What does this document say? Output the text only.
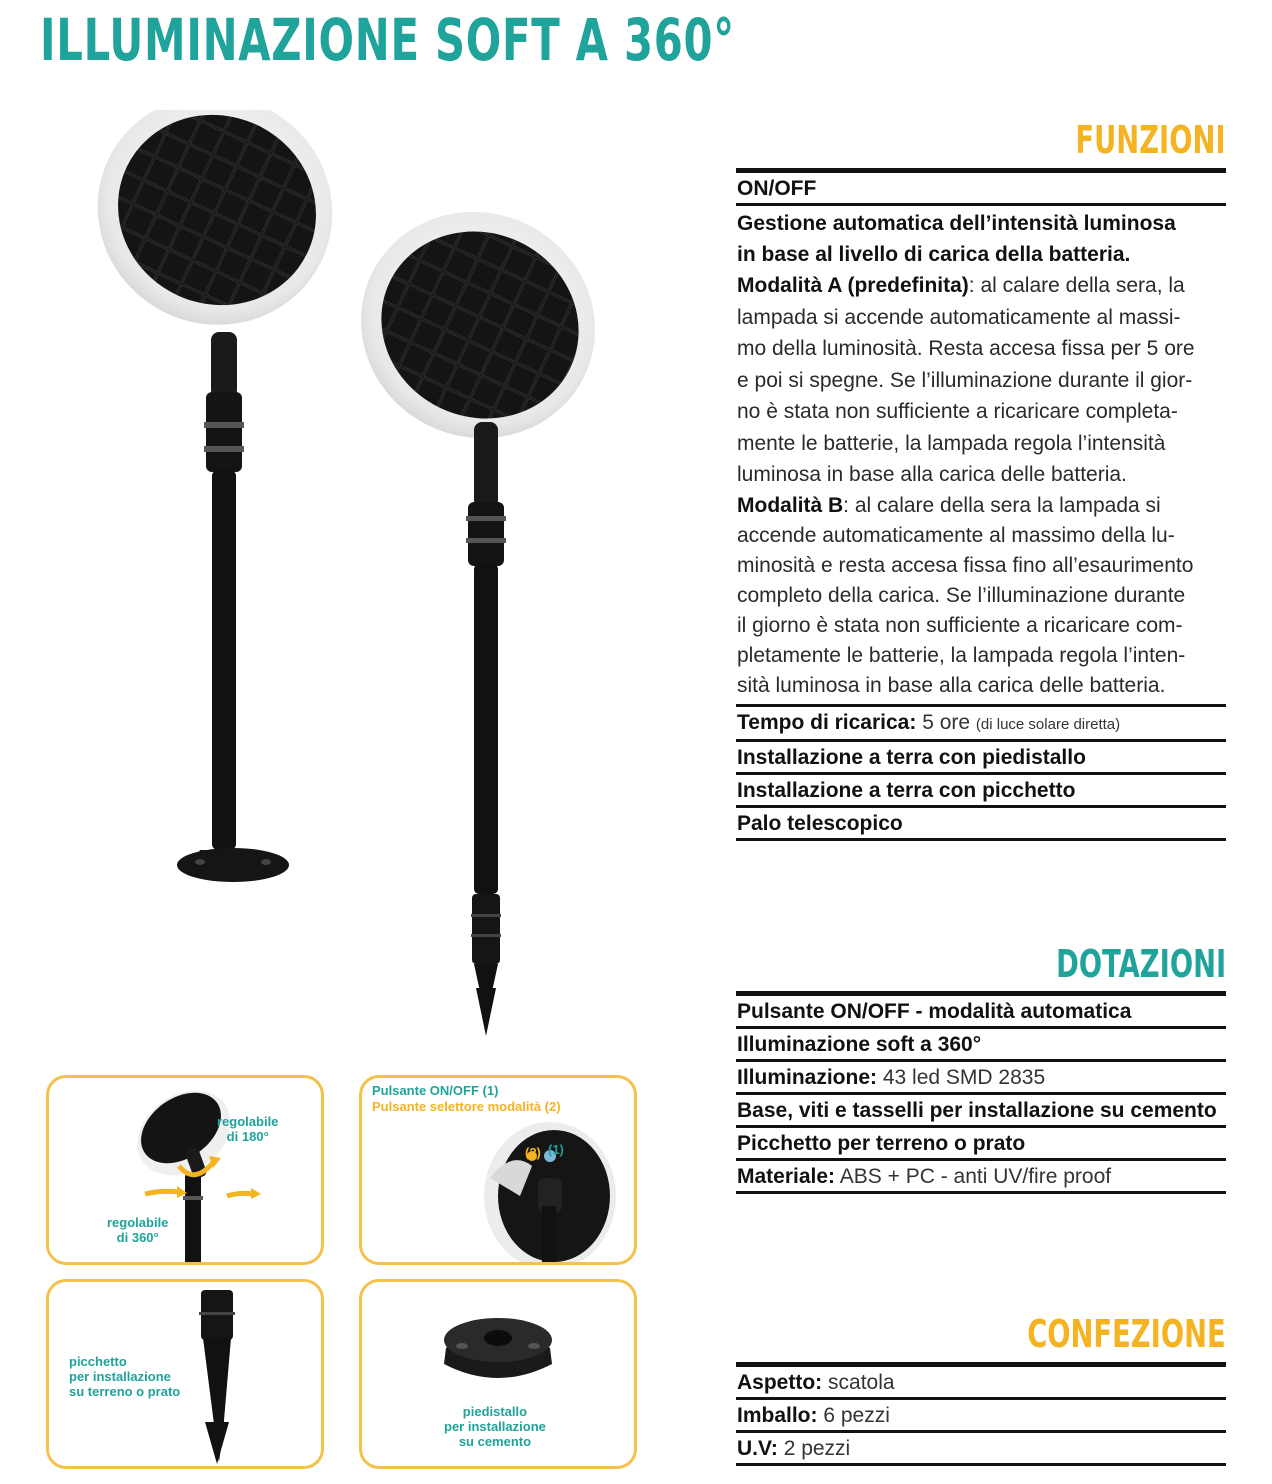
ILLUMINAZIONE SOFT A 360°
FUNZIONI
ON/OFF
Gestione automatica dell’intensità luminosa
in base al livello di carica della batteria.
Modalità A (predefinita): al calare della sera, la
lampada si accende automaticamente al massi-
mo della luminosità. Resta accesa fissa per 5 ore
e poi si spegne. Se l’illuminazione durante il gior-
no è stata non sufficiente a ricaricare completa-
mente le batterie, la lampada regola l’intensità
luminosa in base alla carica delle batteria.
Modalità B: al calare della sera la lampada si
accende automaticamente al massimo della lu-
minosità e resta accesa fissa fino all’esaurimento
completo della carica. Se l’illuminazione durante
il giorno è stata non sufficiente a ricaricare com-
pletamente le batterie, la lampada regola l’inten-
sità luminosa in base alla carica delle batteria.
Tempo di ricarica: 5 ore (di luce solare diretta)
Installazione a terra con piedistallo
Installazione a terra con picchetto
Palo telescopico
DOTAZIONI
Pulsante ON/OFF - modalità automatica
Illuminazione soft a 360°
Illuminazione: 43 led SMD 2835
Base, viti e tasselli per installazione su cemento
Picchetto per terreno o prato
Materiale: ABS + PC - anti UV/fire proof
CONFEZIONE
Aspetto: scatola
Imballo: 6 pezzi
U.V: 2 pezzi
regolabile
di 180°
regolabile
di 360°
Pulsante ON/OFF (1)
Pulsante selettore modalità (2)
(2) (1)
picchetto
per installazione
su terreno o prato
piedistallo
per installazione
su cemento
